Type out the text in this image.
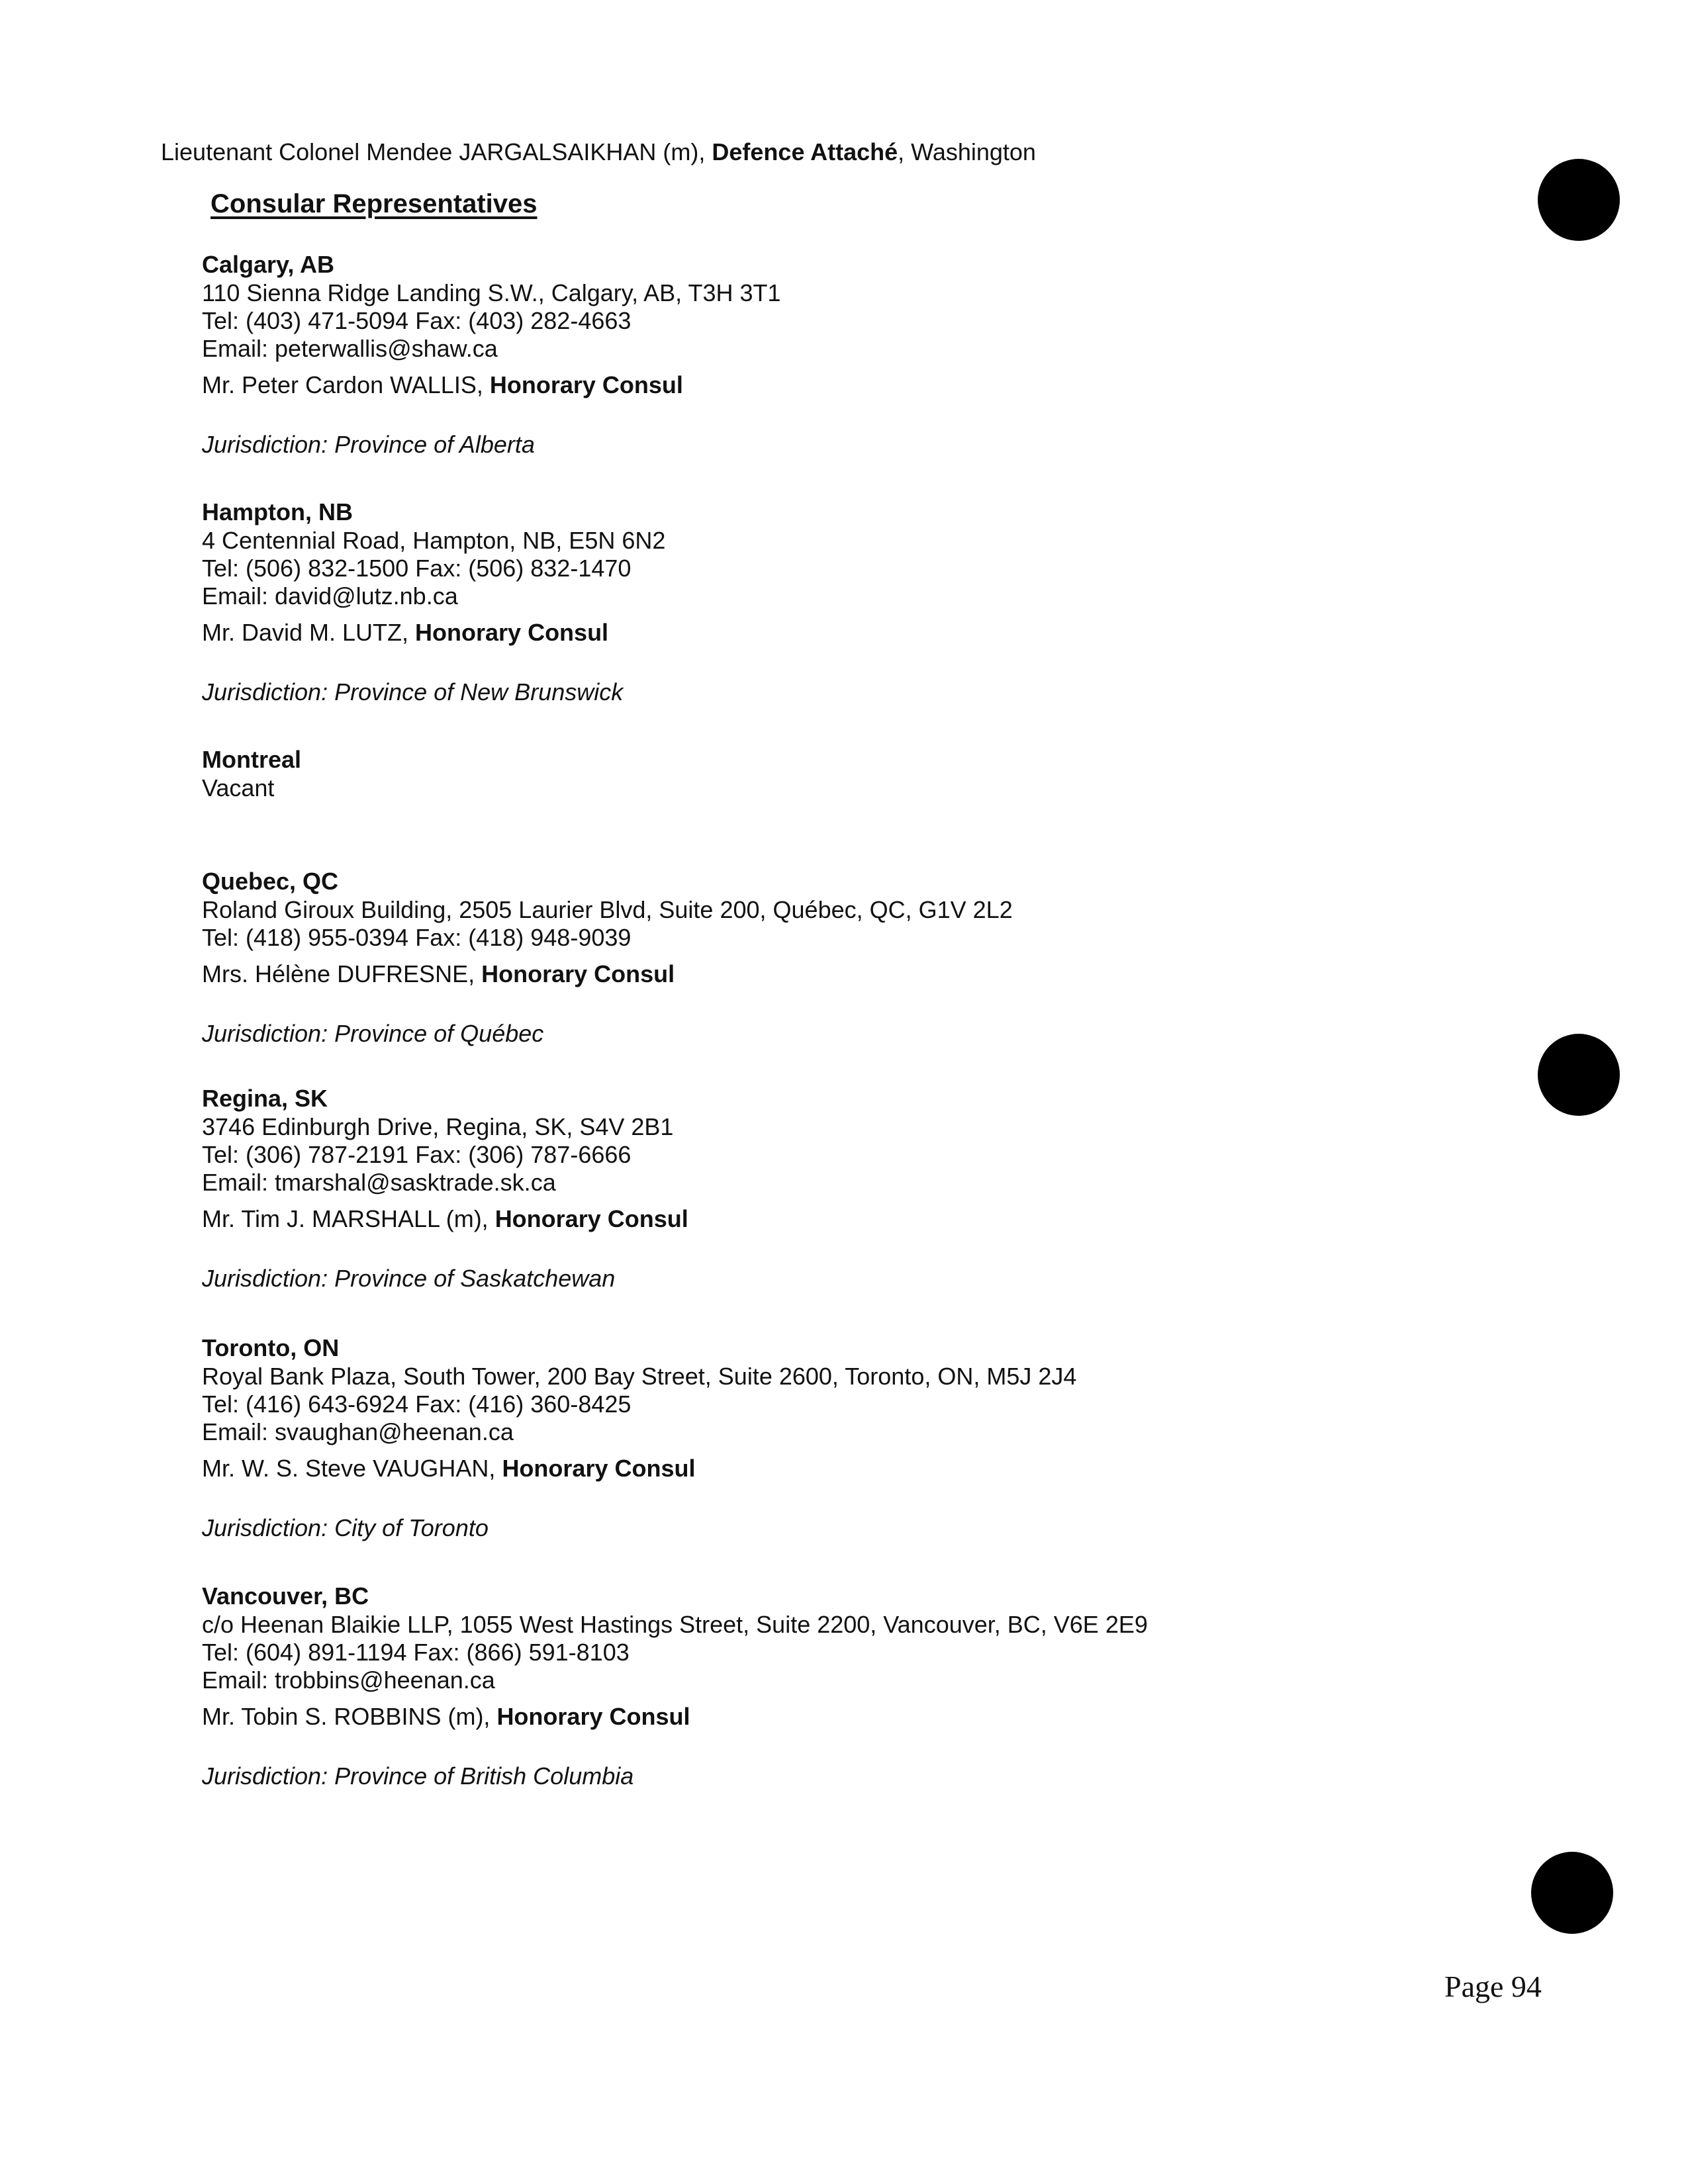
Lieutenant Colonel Mendee JARGALSAIKHAN (m), Defence Attaché, Washington
Consular Representatives
Calgary, AB
110 Sienna Ridge Landing S.W., Calgary, AB, T3H 3T1
Tel: (403) 471-5094 Fax: (403) 282-4663
Email: peterwallis@shaw.ca
Mr. Peter Cardon WALLIS, Honorary Consul
Jurisdiction: Province of Alberta
Hampton, NB
4 Centennial Road, Hampton, NB, E5N 6N2
Tel: (506) 832-1500 Fax: (506) 832-1470
Email: david@lutz.nb.ca
Mr. David M. LUTZ, Honorary Consul
Jurisdiction: Province of New Brunswick
Montreal
Vacant
Quebec, QC
Roland Giroux Building, 2505 Laurier Blvd, Suite 200, Québec, QC, G1V 2L2
Tel: (418) 955-0394 Fax: (418) 948-9039
Mrs. Hélène DUFRESNE, Honorary Consul
Jurisdiction: Province of Québec
Regina, SK
3746 Edinburgh Drive, Regina, SK, S4V 2B1
Tel: (306) 787-2191 Fax: (306) 787-6666
Email: tmarshal@sasktrade.sk.ca
Mr. Tim J. MARSHALL (m), Honorary Consul
Jurisdiction: Province of Saskatchewan
Toronto, ON
Royal Bank Plaza, South Tower, 200 Bay Street, Suite 2600, Toronto, ON, M5J 2J4
Tel: (416) 643-6924 Fax: (416) 360-8425
Email: svaughan@heenan.ca
Mr. W. S. Steve VAUGHAN, Honorary Consul
Jurisdiction: City of Toronto
Vancouver, BC
c/o Heenan Blaikie LLP, 1055 West Hastings Street, Suite 2200, Vancouver, BC, V6E 2E9
Tel: (604) 891-1194 Fax: (866) 591-8103
Email: trobbins@heenan.ca
Mr. Tobin S. ROBBINS (m), Honorary Consul
Jurisdiction: Province of British Columbia
Page 94
